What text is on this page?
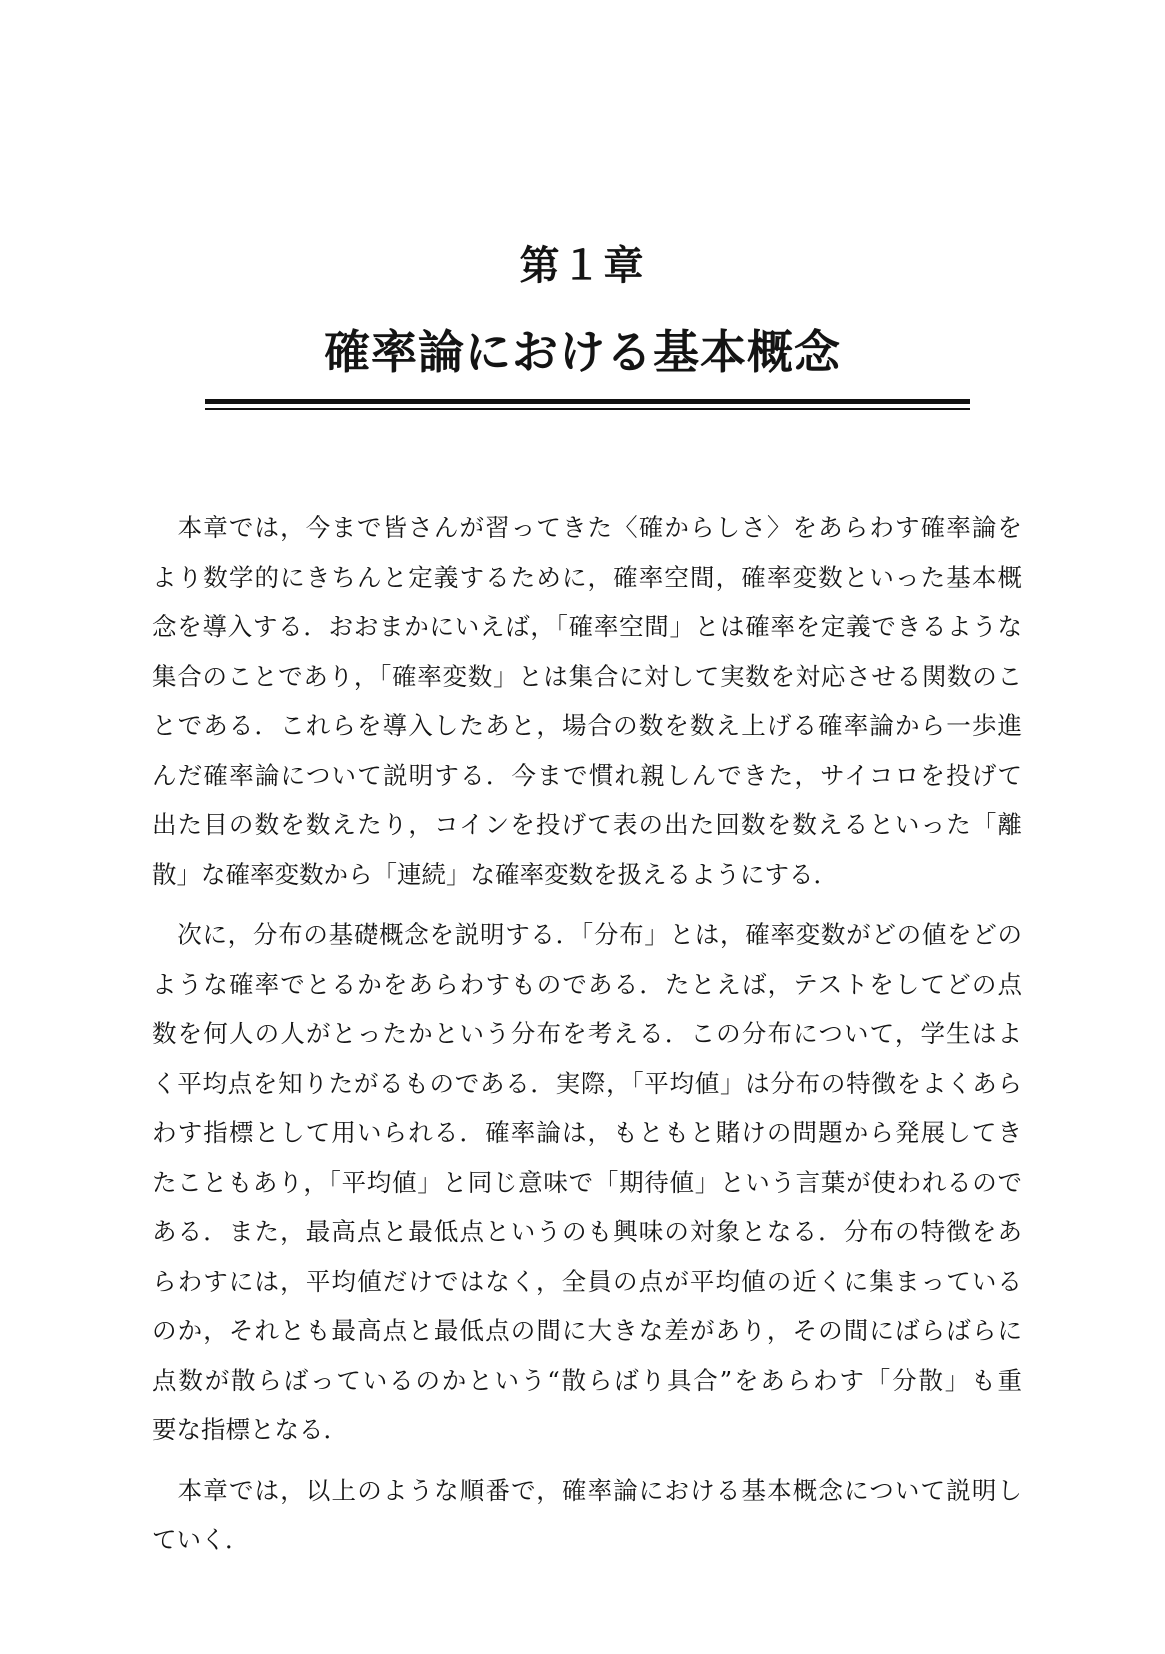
第１章
確率論における基本概念
　本章では，今まで皆さんが習ってきた〈確からしさ〉をあらわす確率論を
より数学的にきちんと定義するために，確率空間，確率変数といった基本概
念を導入する．おおまかにいえば，「確率空間」とは確率を定義できるような
集合のことであり，「確率変数」とは集合に対して実数を対応させる関数のこ
とである．これらを導入したあと，場合の数を数え上げる確率論から一歩進
んだ確率論について説明する．今まで慣れ親しんできた，サイコロを投げて
出た目の数を数えたり，コインを投げて表の出た回数を数えるといった「離
散」な確率変数から「連続」な確率変数を扱えるようにする．
　次に，分布の基礎概念を説明する．「分布」とは，確率変数がどの値をどの
ような確率でとるかをあらわすものである．たとえば，テストをしてどの点
数を何人の人がとったかという分布を考える．この分布について，学生はよ
く平均点を知りたがるものである．実際，「平均値」は分布の特徴をよくあら
わす指標として用いられる．確率論は，もともと賭けの問題から発展してき
たこともあり，「平均値」と同じ意味で「期待値」という言葉が使われるので
ある．また，最高点と最低点というのも興味の対象となる．分布の特徴をあ
らわすには，平均値だけではなく，全員の点が平均値の近くに集まっている
のか，それとも最高点と最低点の間に大きな差があり，その間にばらばらに
点数が散らばっているのかという“散らばり具合”をあらわす「分散」も重
要な指標となる．
　本章では，以上のような順番で，確率論における基本概念について説明し
ていく．
